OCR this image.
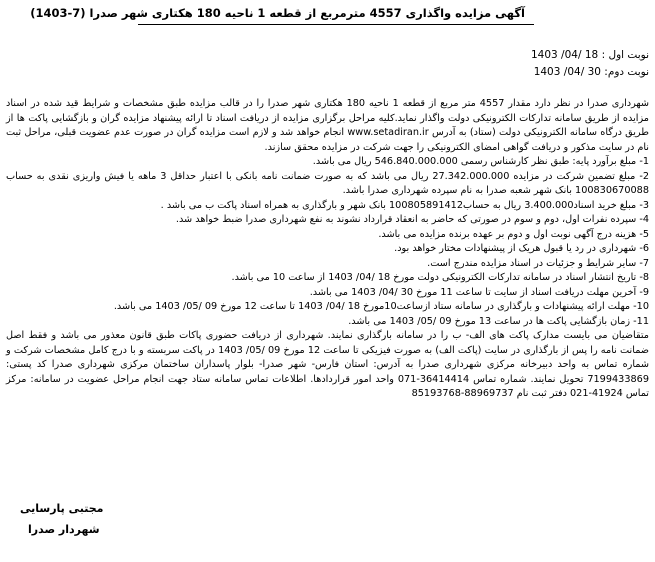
آگهی مزایده واگذاری 4557 مترمربع از قطعه 1 ناحیه 180 هکتاری شهر صدرا (7-1403)
نوبت اول : 18 /04/ 1403
نوبت دوم: 30 /04/ 1403

شهرداری صدرا در نظر دارد مقدار 4557 متر مربع از قطعه 1 ناحیه 180 هکتاری شهر صدرا را در قالب مزایده طبق مشخصات و شرایط قید شده در اسناد مزایده از طریق سامانه تدارکات الکترونیکی دولت واگذار نماید.کلیه مراحل برگزاری مزایده از دریافت اسناد تا ارائه پیشنهاد مزایده گران و بازگشایی پاکت ها از طریق درگاه سامانه الکترونیکی دولت (ستاد) به آدرس www.setadiran.ir انجام خواهد شد و لازم است مزایده گران در صورت عدم عضویت قبلی، مراحل ثبت نام در سایت مذکور و دریافت گواهی امضای الکترونیکی را جهت شرکت در مزایده محقق سازند.

1- مبلغ برآورد پایه: طبق نظر کارشناس رسمی 546.840.000.000 ریال می باشد.

2- مبلغ تضمین شرکت در مزایده 27.342.000.000 ریال می باشد که به صورت ضمانت نامه بانکی با اعتبار حداقل 3 ماهه یا فیش واریزی نقدی به حساب 100830670088 بانک شهر شعبه صدرا به نام سپرده شهرداری صدرا باشد.

3- مبلغ خرید اسناد3.400.000 ریال به حساب100805891412 بانک شهر و بارگذاری به همراه اسناد پاکت ب می باشد .

4- سپرده نفرات اول، دوم و سوم در صورتی که حاضر به انعقاد قرارداد نشوند به نفع شهرداری صدرا ضبط خواهد شد.

5- هزینه درج آگهی نوبت اول و دوم بر عهده برنده مزایده می باشد.

6- شهرداری در رد یا قبول هریک از پیشنهادات مختار خواهد بود.

7- سایر شرایط و جزئیات در اسناد مزایده مندرج است.

8- تاریخ انتشار اسناد در سامانه تدارکات الکترونیکی دولت مورخ 18 /04/ 1403 از ساعت 10 می باشد.

9- آخرین مهلت دریافت اسناد از سایت تا ساعت 11 مورخ 30 /04/ 1403 می باشد.

10- مهلت ارائه پیشنهادات و بارگذاری در سامانه ستاد ازساعت10مورخ 18 /04/ 1403 تا ساعت 12 مورخ 09 /05/ 1403 می باشد.

11- زمان بازگشایی پاکت ها در ساعت 13 مورخ 09 /05/ 1403 می باشد.

متقاضیان می بایست مدارک پاکت های الف- ب را در سامانه بارگذاری نمایند. شهرداری از دریافت حضوری پاکات طبق قانون معذور می باشد و فقط اصل ضمانت نامه را پس از بارگذاری در سایت (پاکت الف) به صورت فیزیکی تا ساعت 12 مورخ 09 /05/ 1403 در پاکت سربسته و با درج کامل مشخصات شرکت و شماره تماس به واحد دبیرخانه مرکزی شهرداری صدرا به آدرس: استان فارس- شهر صدرا- بلوار پاسداران ساختمان مرکزی شهرداری صدرا کد پستی: 7199433869 تحویل نمایند. شماره تماس 36414414-071 واحد امور قراردادها. اطلاعات تماس سامانه ستاد جهت انجام مراحل عضویت در سامانه: مرکز تماس 41924-021 دفتر ثبت نام 88969737-85193768

مجتبی پارسایی
شهردار صدرا
